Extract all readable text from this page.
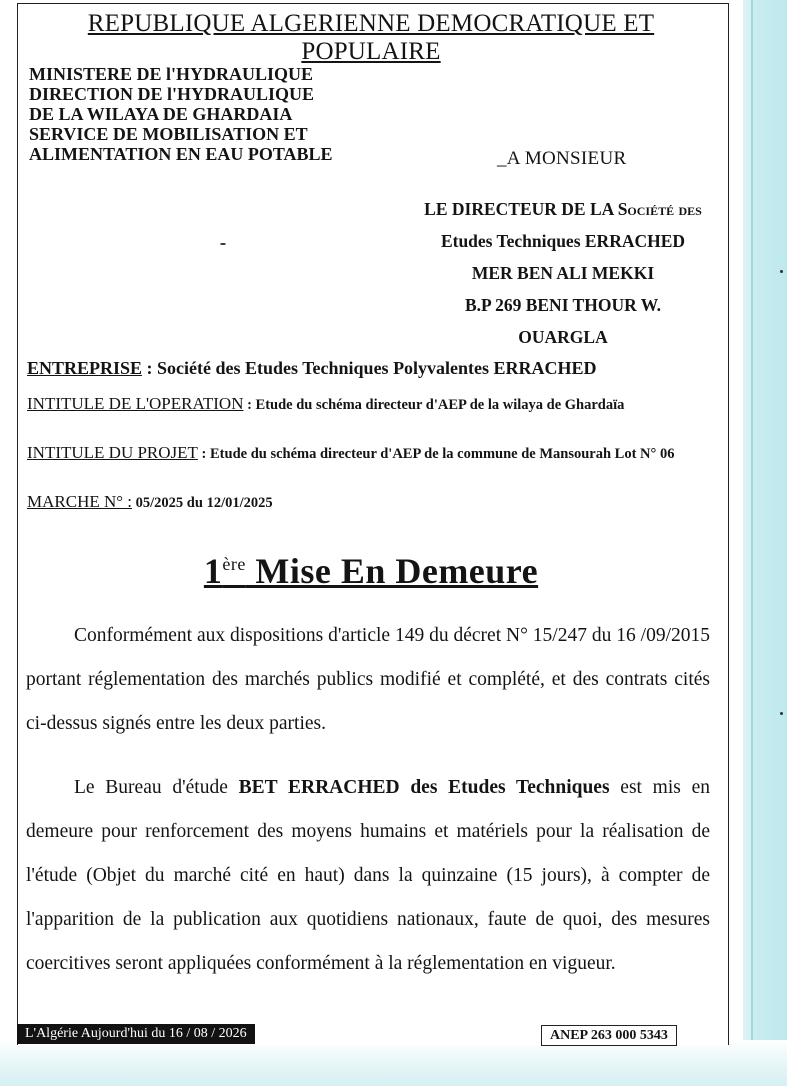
REPUBLIQUE ALGERIENNE DEMOCRATIQUE ET POPULAIRE
MINISTERE DE l'HYDRAULIQUE
DIRECTION DE l'HYDRAULIQUE
DE LA WILAYA DE GHARDAIA
SERVICE DE MOBILISATION ET
ALIMENTATION EN EAU POTABLE	_A MONSIEUR
LE DIRECTEUR DE LA Société des
Etudes Techniques ERRACHED
MER BEN ALI MEKKI
B.P 269 BENI THOUR W.
OUARGLA
ENTREPRISE : Société des Etudes Techniques Polyvalentes ERRACHED
INTITULE DE L'OPERATION : Etude du schéma directeur d'AEP de la wilaya de Ghardaïa
INTITULE DU PROJET : Etude du schéma directeur d'AEP de la commune de Mansourah Lot N° 06
MARCHE N° : 05/2025 du 12/01/2025
1ère Mise En Demeure

Conformément aux dispositions d'article 149 du décret N° 15/247 du 16 /09/2015 portant réglementation des marchés publics modifié et complété, et des contrats cités ci-dessus signés entre les deux parties.

Le Bureau d'étude BET ERRACHED des Etudes Techniques est mis en demeure pour renforcement des moyens humains et matériels pour la réalisation de l'étude (Objet du marché cité en haut) dans la quinzaine (15 jours), à compter de l'apparition de la publication aux quotidiens nationaux, faute de quoi, des mesures coercitives seront appliquées conformément à la réglementation en vigueur.

L'Algérie Aujourd'hui du 16 / 08 / 2026	ANEP 263 000 5343
